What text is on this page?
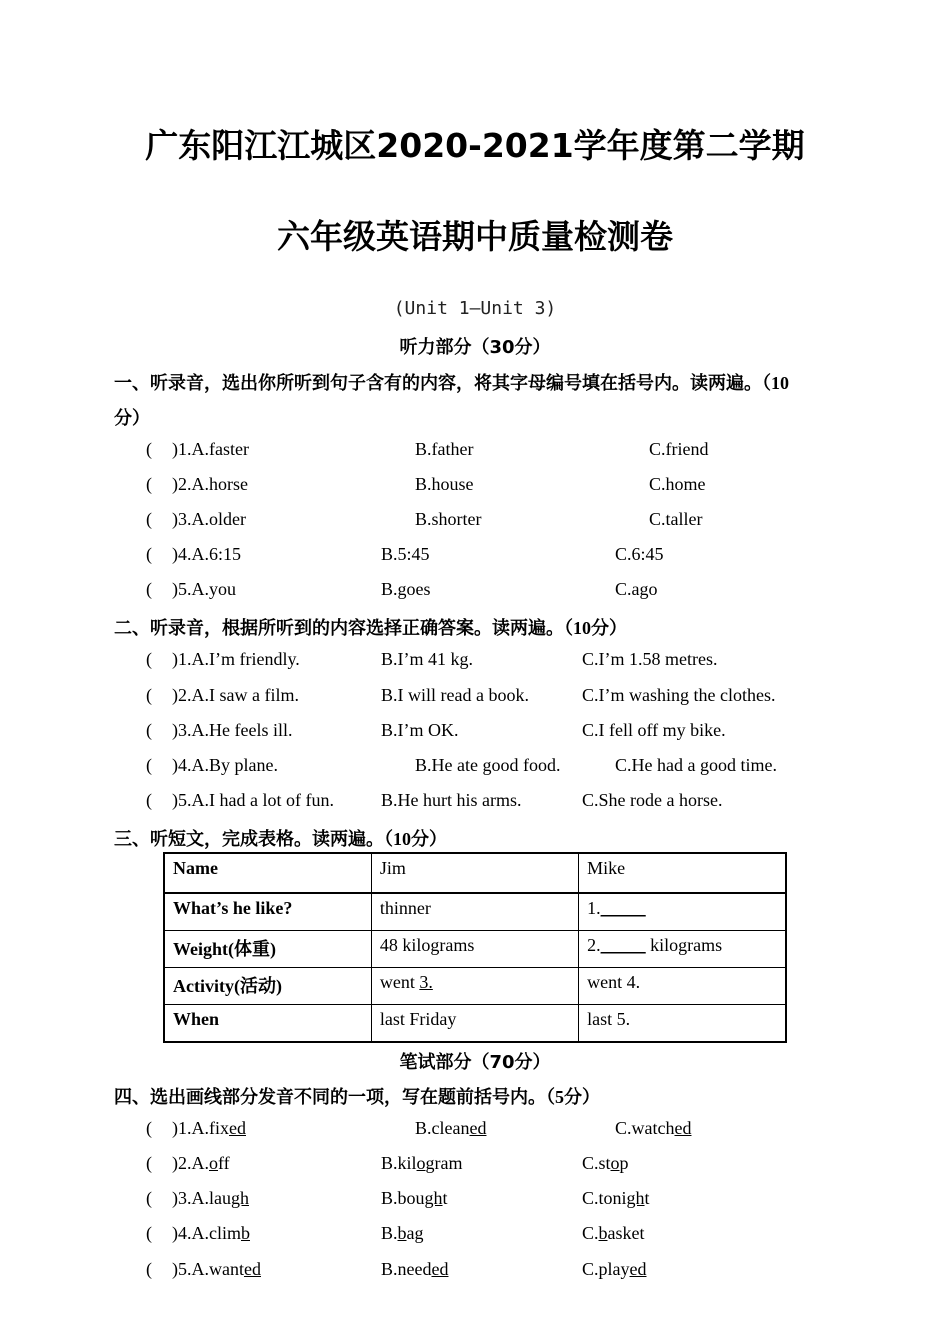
广东阳江江城区2020-2021学年度第二学期
六年级英语期中质量检测卷
(Unit 1—Unit 3)
听力部分（30分）
一、听录音，选出你所听到句子含有的内容，将其字母编号填在括号内。读两遍。（10
分）
( )1.A.faster	B.father	C.friend
( )2.A.horse	B.house	C.home
( )3.A.older	B.shorter	C.taller
( )4.A.6:15	B.5:45	C.6:45
( )5.A.you	B.goes	C.ago
二、听录音，根据所听到的内容选择正确答案。读两遍。（10分）
( )1.A.I’m friendly.	B.I’m 41 kg.	C.I’m 1.58 metres.
( )2.A.I saw a film.	B.I will read a book.	C.I’m washing the clothes.
( )3.A.He feels ill.	B.I’m OK.	C.I fell off my bike.
( )4.A.By plane.	B.He ate good food.	C.He had a good time.
( )5.A.I had a lot of fun.	B.He hurt his arms.	C.She rode a horse.
三、听短文，完成表格。读两遍。（10分）
Name	Jim	Mike
What’s he like?	thinner	1._____
Weight(体重)	48 kilograms	2._____ kilograms
Activity(活动)	went 3.	went 4.
When	last Friday	last 5.
笔试部分（70分）
四、选出画线部分发音不同的一项，写在题前括号内。（5分）
( )1.A.fixed	B.cleaned	C.watched
( )2.A.off	B.kilogram	C.stop
( )3.A.laugh	B.bought	C.tonight
( )4.A.climb	B.bag	C.basket
( )5.A.wanted	B.needed	C.played
